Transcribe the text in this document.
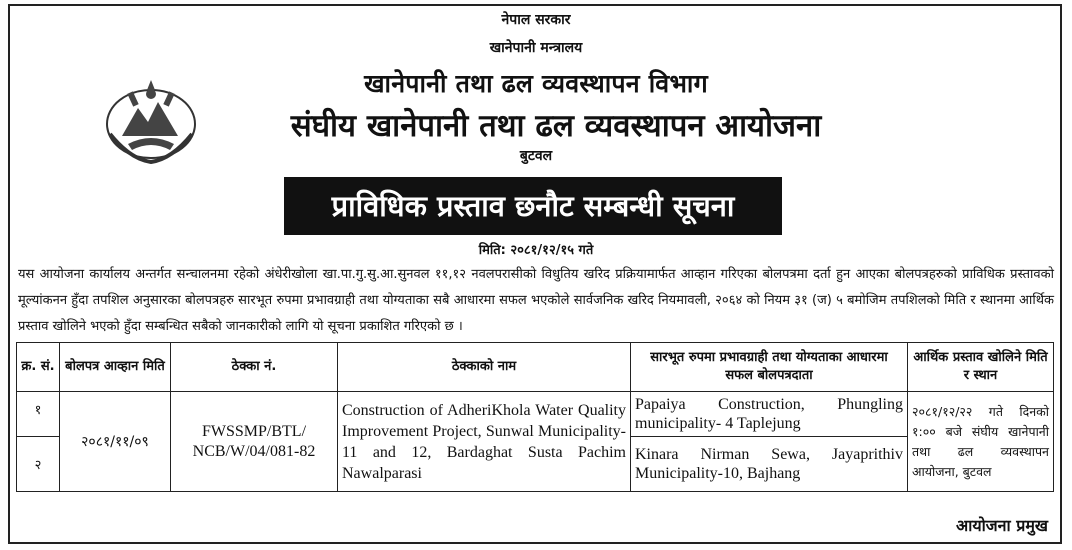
नेपाल सरकार
खानेपानी मन्त्रालय
खानेपानी तथा ढल व्यवस्थापन विभाग
संघीय खानेपानी तथा ढल व्यवस्थापन आयोजना
बुटवल
प्राविधिक प्रस्ताव छनौट सम्बन्धी सूचना
मिति: २०८१/१२/१५ गते

यस आयोजना कार्यालय अन्तर्गत सन्चालनमा रहेको अंधेरीखोला खा.पा.गु.सु.आ.सुनवल ११,१२ नवलपरासीको विधुतिय खरिद प्रक्रियामार्फत आव्हान गरिएका बोलपत्रमा दर्ता हुन आएका बोलपत्रहरुको प्राविधिक प्रस्तावको मूल्यांकनन हुँदा तपशिल अनुसारका बोलपत्रहरु सारभूत रुपमा प्रभावग्राही तथा योग्यताका सबै आधारमा सफल भएकोले सार्वजनिक खरिद नियमावली, २०६४ को नियम ३१ (ज) ५ बमोजिम तपशिलको मिति र स्थानमा आर्थिक प्रस्ताव खोलिने भएको हुँदा सम्बन्धित सबैको जानकारीको लागि यो सूचना प्रकाशित गरिएको छ ।

क्र. सं.	बोलपत्र आव्हान मिति	ठेक्का नं.	ठेक्काको नाम	सारभूत रुपमा प्रभावग्राही तथा योग्यताका आधारमा सफल बोलपत्रदाता	आर्थिक प्रस्ताव खोलिने मिति र स्थान
१	२०८१/११/०९	FWSSMP/BTL/ NCB/W/04/081-82	Construction of AdheriKhola Water Quality Improvement Project, Sunwal Municipality-11 and 12, Bardaghat Susta Pachim Nawalparasi	Papaiya Construction, Phungling municipality- 4 Taplejung	२०८१/१२/२२ गते दिनको १:०० बजे संघीय खानेपानी तथा ढल व्यवस्थापन आयोजना, बुटवल
२				Kinara Nirman Sewa, Jayaprithiv Municipality-10, Bajhang	
आयोजना प्रमुख
